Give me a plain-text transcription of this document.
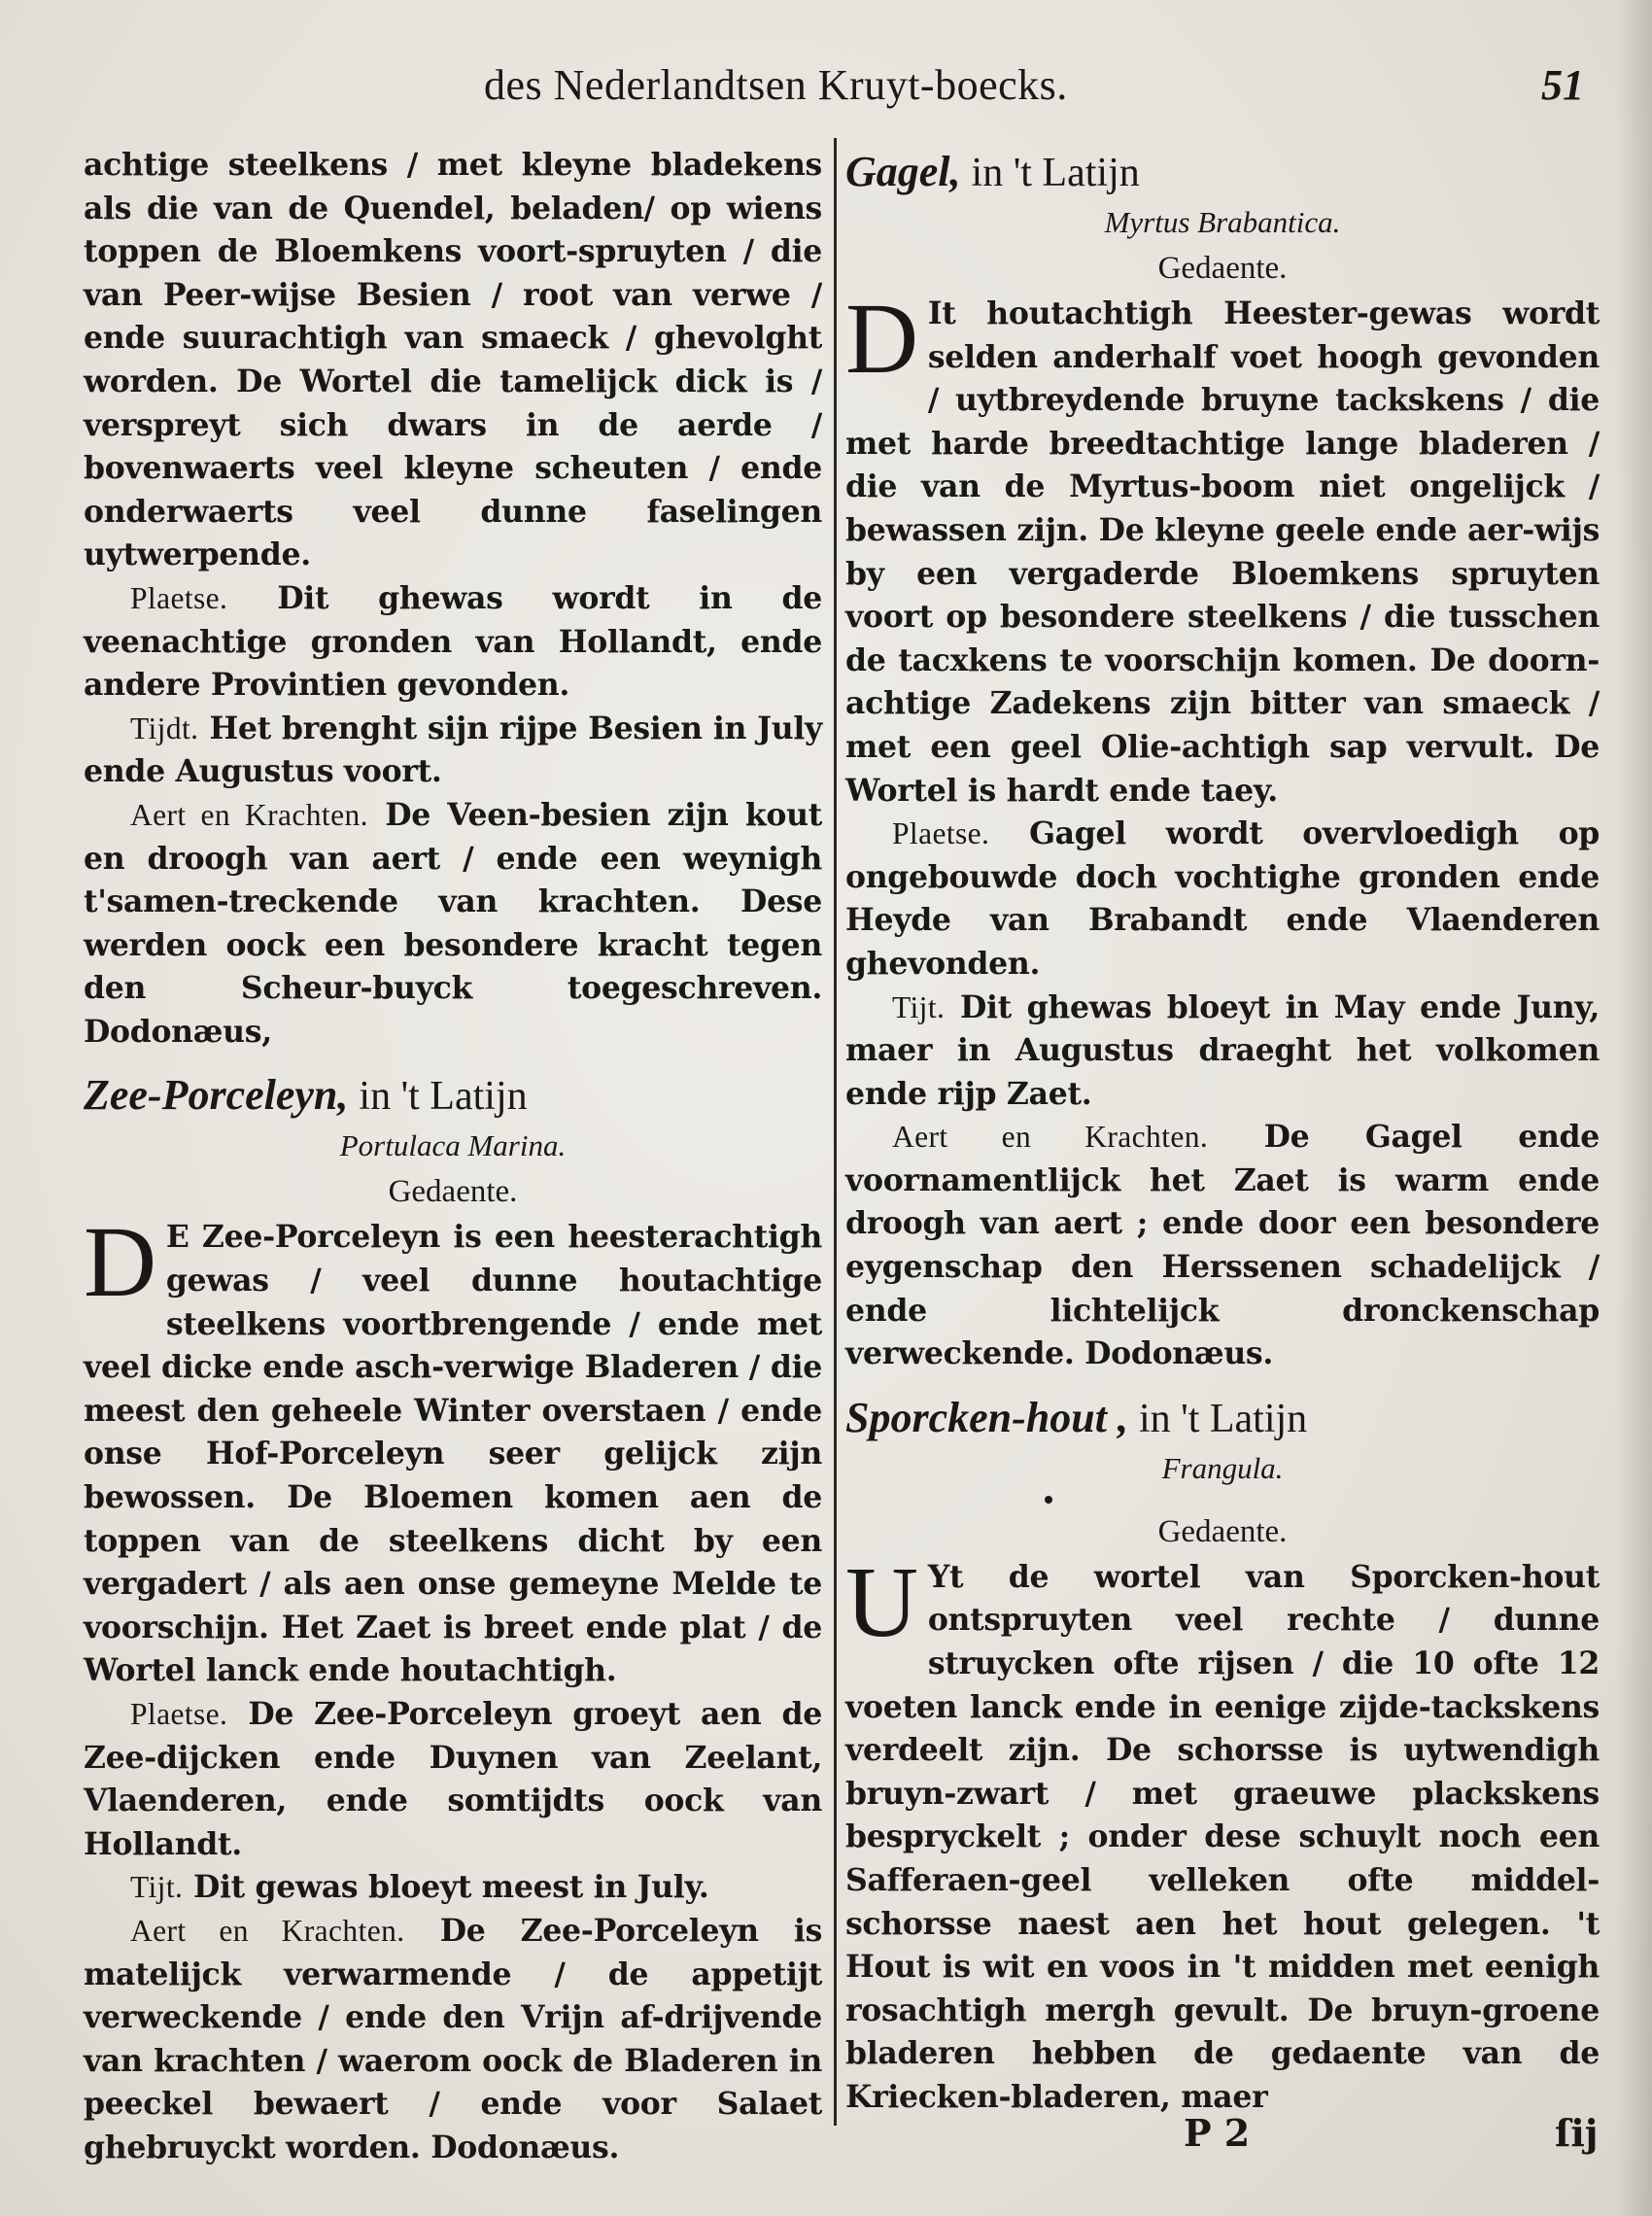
des Nederlandtsen Kruyt-boecks.	51

achtige steelkens / met kleyne bladekens als die van de Quendel, beladen/ op wiens toppen de Bloemkens voort-spruyten / die van Peer-wijse Besien / root van verwe / ende suurachtigh van smaeck / ghevolght worden. De Wortel die tamelijck dick is / verspreyt sich dwars in de aerde / bovenwaerts veel kleyne scheuten / ende onderwaerts veel dunne faselingen uytwerpende.

Plaetse. Dit ghewas wordt in de veenachtige gronden van Hollandt, ende andere Provintien gevonden.

Tijdt. Het brenght sijn rijpe Besien in July ende Augustus voort.

Aert en Krachten. De Veen-besien zijn kout en droogh van aert / ende een weynigh t'samen-treckende van krachten. Dese werden oock een besondere kracht tegen den Scheur-buyck toegeschreven. Dodonæus,

Zee-Porceleyn, in 't Latijn

Portulaca Marina.

Gedaente.

D E Zee-Porceleyn is een heesterachtigh gewas / veel dunne houtachtige steelkens voortbrengende / ende met veel dicke ende asch-verwige Bladeren / die meest den geheele Winter overstaen / ende onse Hof-Porceleyn seer gelijck zijn bewossen. De Bloemen komen aen de toppen van de steelkens dicht by een vergadert / als aen onse gemeyne Melde te voorschijn. Het Zaet is breet ende plat / de Wortel lanck ende houtachtigh.

Plaetse. De Zee-Porceleyn groeyt aen de Zee-dijcken ende Duynen van Zeelant, Vlaenderen, ende somtijdts oock van Hollandt.

Tijt. Dit gewas bloeyt meest in July.

Aert en Krachten. De Zee-Porceleyn is matelijck verwarmende / de appetijt verweckende / ende den Vrijn af-drijvende van krachten / waerom oock de Bladeren in peeckel bewaert / ende voor Salaet ghebruyckt worden. Dodonæus.

Gagel, in 't Latijn

Myrtus Brabantica.

Gedaente.

D It houtachtigh Heester-gewas wordt selden anderhalf voet hoogh gevonden / uytbreydende bruyne tackskens / die met harde breedtachtige lange bladeren / die van de Myrtus-boom niet ongelijck / bewassen zijn. De kleyne geele ende aer-wijs by een vergaderde Bloemkens spruyten voort op besondere steelkens / die tusschen de tacxkens te voorschijn komen. De doorn-achtige Zadekens zijn bitter van smaeck / met een geel Olie-achtigh sap vervult. De Wortel is hardt ende taey.

Plaetse. Gagel wordt overvloedigh op ongebouwde doch vochtighe gronden ende Heyde van Brabandt ende Vlaenderen ghevonden.

Tijt. Dit ghewas bloeyt in May ende Juny, maer in Augustus draeght het volkomen ende rijp Zaet.

Aert en Krachten. De Gagel ende voornamentlijck het Zaet is warm ende droogh van aert ; ende door een besondere eygenschap den Herssenen schadelijck / ende lichtelijck dronckenschap verweckende. Dodonæus.

Sporcken-hout , in 't Latijn

Frangula.

Gedaente.

U Yt de wortel van Sporcken-hout ontspruyten veel rechte / dunne struycken ofte rijsen / die 10 ofte 12 voeten lanck ende in eenige zijde-tackskens verdeelt zijn. De schorsse is uytwendigh bruyn-zwart / met graeuwe plackskens bespryckelt ; onder dese schuylt noch een Safferaen-geel velleken ofte middel-schorsse naest aen het hout gelegen. 't Hout is wit en voos in 't midden met eenigh rosachtigh mergh gevult. De bruyn-groene bladeren hebben de gedaente van de Kriecken-bladeren, maer

P 2	ſij
